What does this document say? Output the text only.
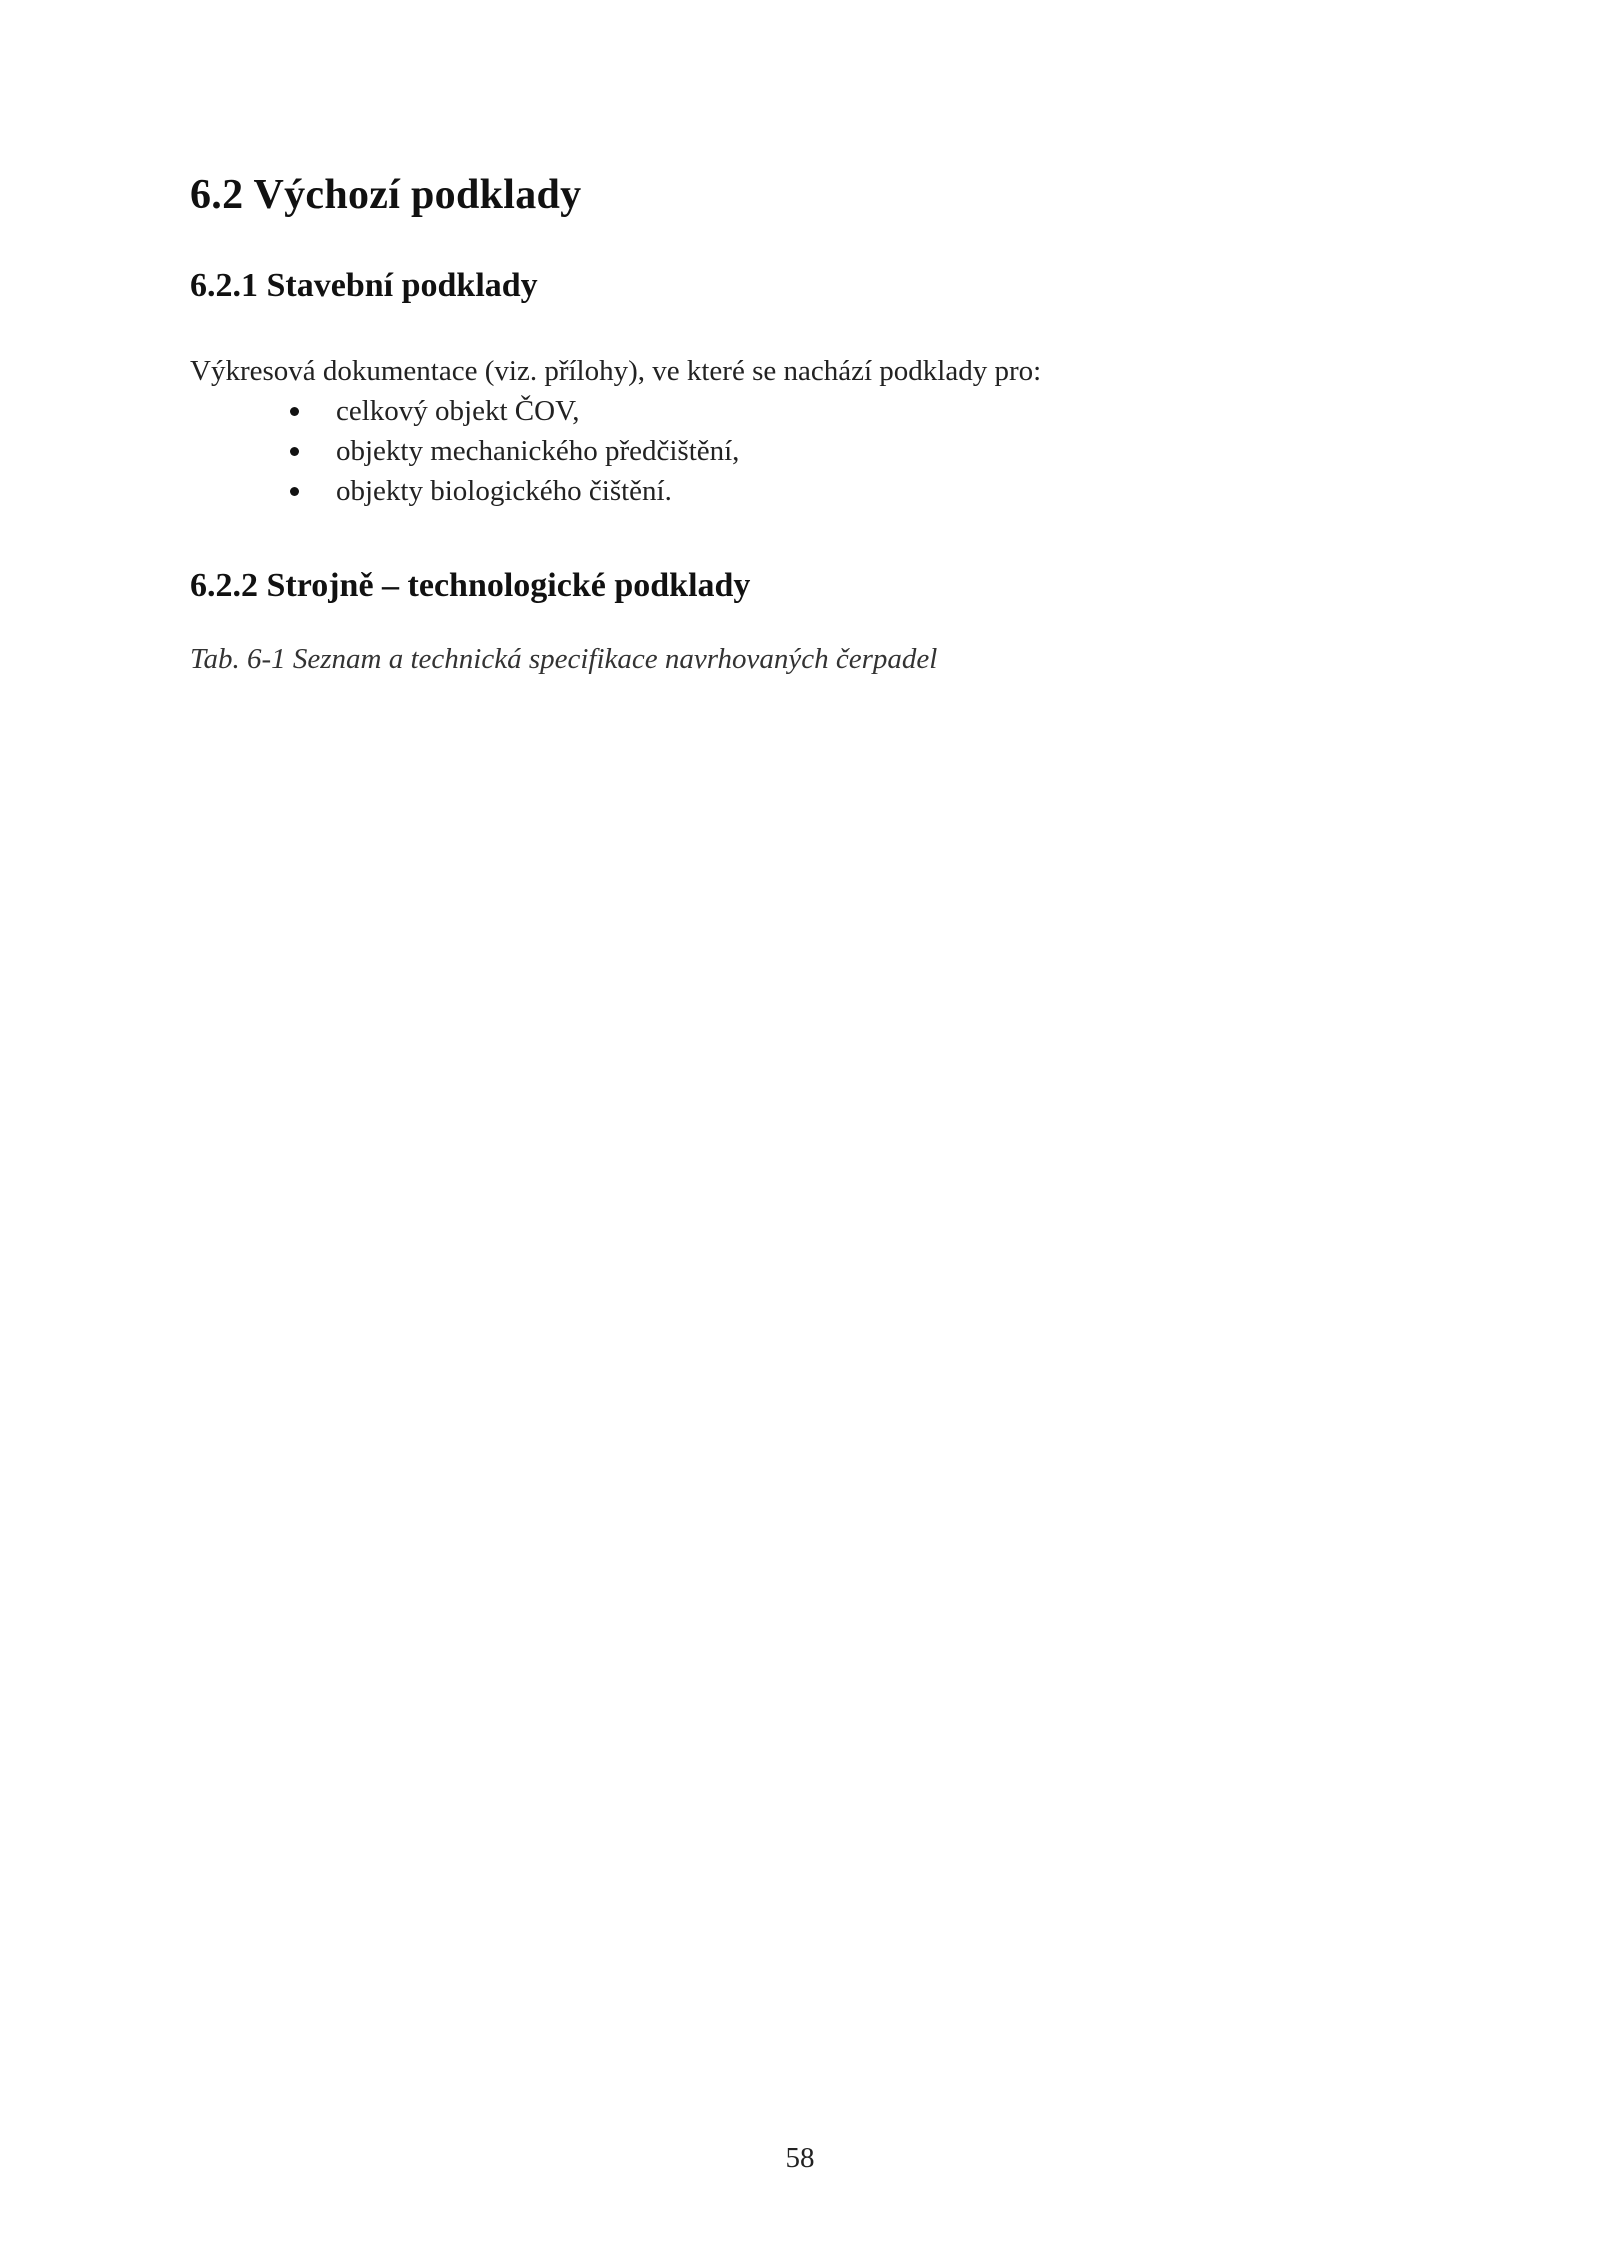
6.2 Výchozí podklady
6.2.1 Stavební podklady

Výkresová dokumentace (viz. přílohy), ve které se nachází podklady pro:

celkový objekt ČOV,
objekty mechanického předčištění,
objekty biologického čištění.
6.2.2 Strojně – technologické podklady

Tab. 6-1 Seznam a technická specifikace navrhovaných čerpadel

58
